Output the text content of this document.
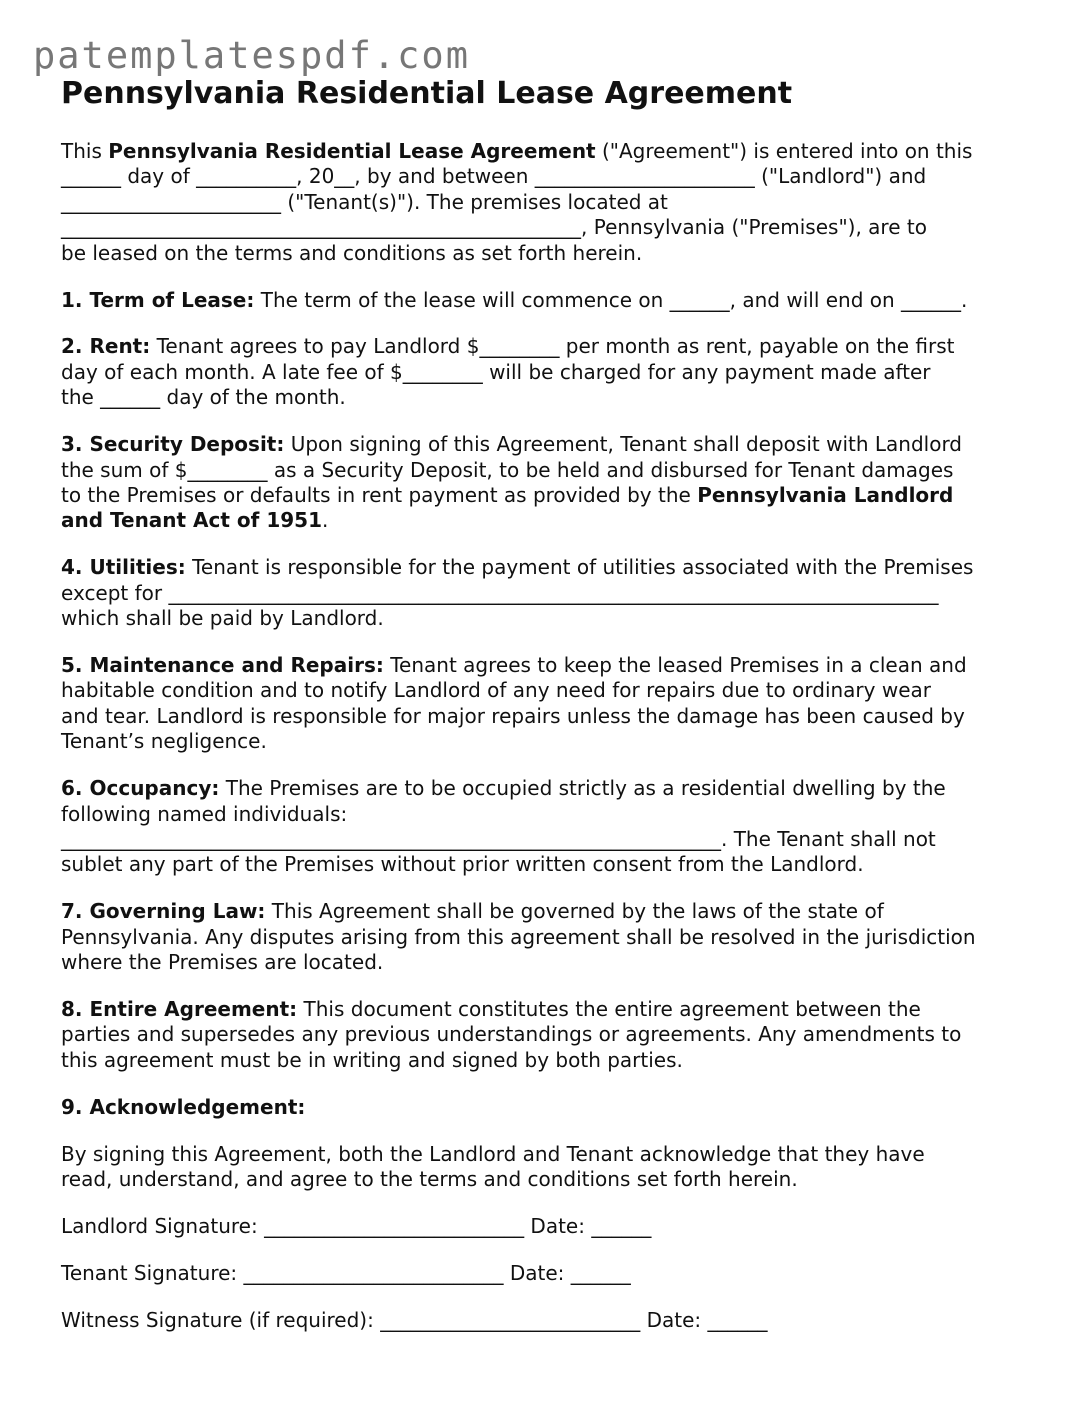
patemplatespdf.com
Pennsylvania Residential Lease Agreement

This Pennsylvania Residential Lease Agreement ("Agreement") is entered into on this
______ day of __________, 20__, by and between ______________________ ("Landlord") and
______________________ ("Tenant(s)"). The premises located at
____________________________________________________, Pennsylvania ("Premises"), are to
be leased on the terms and conditions as set forth herein.

1. Term of Lease: The term of the lease will commence on ______, and will end on ______.

2. Rent: Tenant agrees to pay Landlord $________ per month as rent, payable on the first
day of each month. A late fee of $________ will be charged for any payment made after
the ______ day of the month.

3. Security Deposit: Upon signing of this Agreement, Tenant shall deposit with Landlord
the sum of $________ as a Security Deposit, to be held and disbursed for Tenant damages
to the Premises or defaults in rent payment as provided by the Pennsylvania Landlord
and Tenant Act of 1951.

4. Utilities: Tenant is responsible for the payment of utilities associated with the Premises
except for _____________________________________________________________________________
which shall be paid by Landlord.

5. Maintenance and Repairs: Tenant agrees to keep the leased Premises in a clean and
habitable condition and to notify Landlord of any need for repairs due to ordinary wear
and tear. Landlord is responsible for major repairs unless the damage has been caused by
Tenant’s negligence.

6. Occupancy: The Premises are to be occupied strictly as a residential dwelling by the
following named individuals:
__________________________________________________________________. The Tenant shall not
sublet any part of the Premises without prior written consent from the Landlord.

7. Governing Law: This Agreement shall be governed by the laws of the state of
Pennsylvania. Any disputes arising from this agreement shall be resolved in the jurisdiction
where the Premises are located.

8. Entire Agreement: This document constitutes the entire agreement between the
parties and supersedes any previous understandings or agreements. Any amendments to
this agreement must be in writing and signed by both parties.

9. Acknowledgement:

By signing this Agreement, both the Landlord and Tenant acknowledge that they have
read, understand, and agree to the terms and conditions set forth herein.

Landlord Signature: __________________________ Date: ______

Tenant Signature: __________________________ Date: ______

Witness Signature (if required): __________________________ Date: ______
